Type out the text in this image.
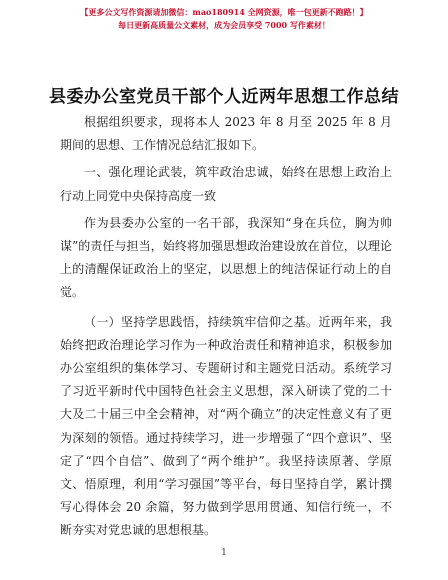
【更多公文写作资源请加微信：mao180914 全网资源，唯一包更新不跑路！】
每日更新高质量公文素材，成为会员享受 7000 写作素材！
县委办公室党员干部个人近两年思想工作总结

根据组织要求，现将本人 2023 年 8 月至 2025 年 8 月期间的思想、工作情况总结汇报如下。

一、强化理论武装，筑牢政治忠诚，始终在思想上政治上行动上同党中央保持高度一致

作为县委办公室的一名干部，我深知“身在兵位，胸为帅谋”的责任与担当，始终将加强思想政治建设放在首位，以理论上的清醒保证政治上的坚定，以思想上的纯洁保证行动上的自觉。

（一）坚持学思践悟，持续筑牢信仰之基。近两年来，我始终把政治理论学习作为一种政治责任和精神追求，积极参加办公室组织的集体学习、专题研讨和主题党日活动。系统学习了习近平新时代中国特色社会主义思想，深入研读了党的二十大及二十届三中全会精神，对“两个确立”的决定性意义有了更为深刻的领悟。通过持续学习，进一步增强了“四个意识”、坚定了“四个自信”、做到了“两个维护”。我坚持读原著、学原文、悟原理，利用“学习强国”等平台，每日坚持自学，累计撰写心得体会 20 余篇，努力做到学思用贯通、知信行统一，不断夯实对党忠诚的思想根基。

1
